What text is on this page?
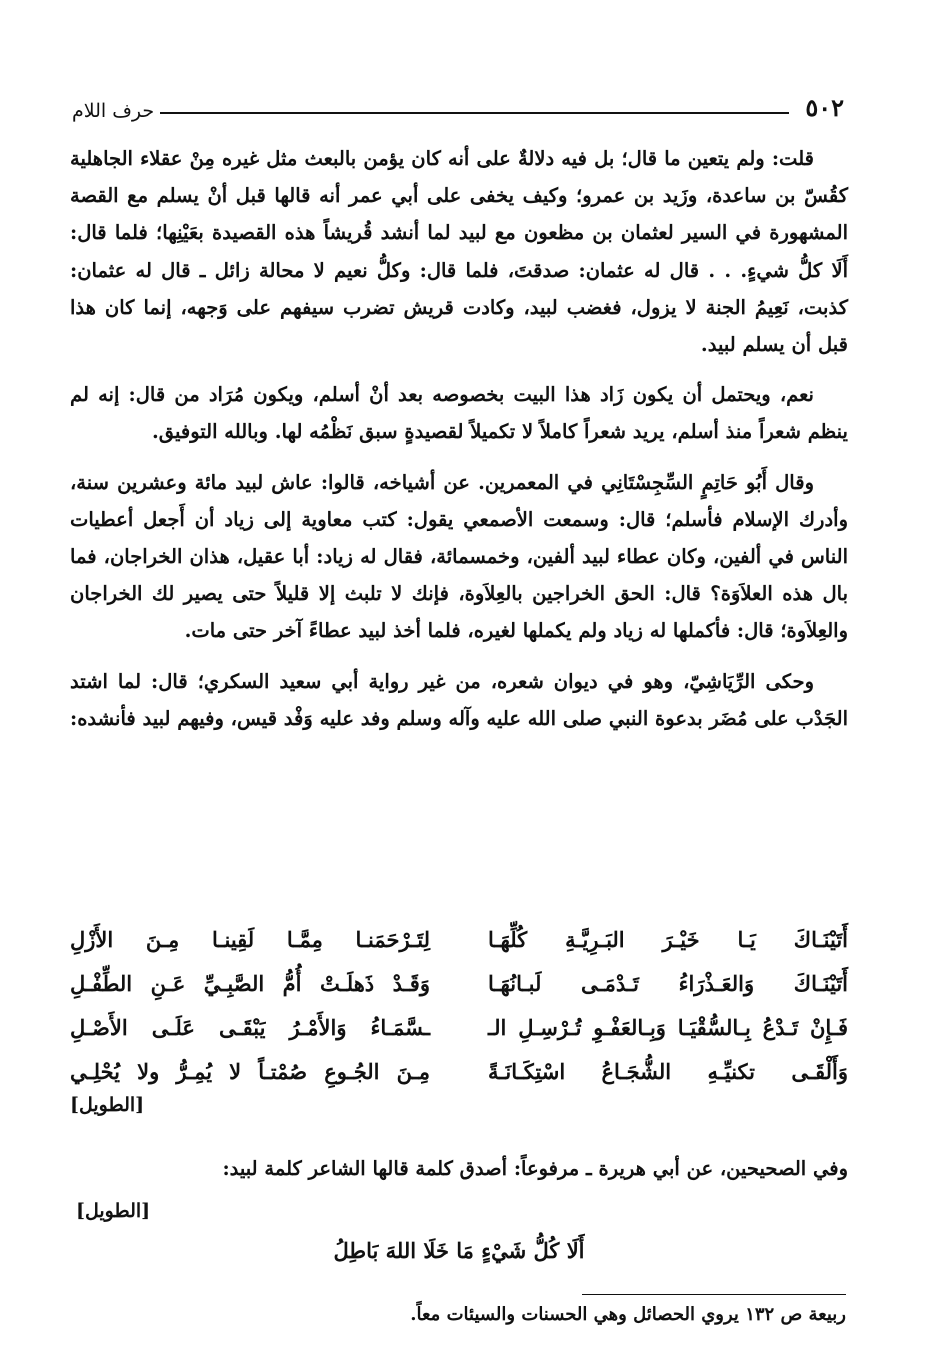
٥٠٢
حرف اللام

قلت: ولم يتعين ما قال؛ بل فيه دلالةٌ على أنه كان يؤمن بالبعث مثل غيره مِنْ عقلاء الجاهلية كقُسّ بن ساعدة، وزَيد بن عمرو؛ وكيف يخفى على أبي عمر أنه قالها قبل أنْ يسلم مع القصة المشهورة في السير لعثمان بن مظعون مع لبيد لما أنشد قُريشاً هذه القصيدة بعَيْنِها؛ فلما قال: أَلَا كلُّ شيءٍ. . . قال له عثمان: صدقتَ، فلما قال: وكلُّ نعيم لا محالة زائل ـ قال له عثمان: كذبت، نَعِيمُ الجنة لا يزول، فغضب لبيد، وكادت قريش تضرب سيفهم على وَجهه، إنما كان هذا قبل أن يسلم لبيد.

نعم، ويحتمل أن يكون زَاد هذا البيت بخصوصه بعد أنْ أسلم، ويكون مُرَاد من قال: إنه لم ينظم شعراً منذ أسلم، يريد شعراً كاملاً لا تكميلاً لقصيدةٍ سبق نَظْمُه لها. وبالله التوفيق.

وقال أَبُو حَاتِمٍ السِّجِسْتَانِي في المعمرين. عن أشياخه، قالوا: عاش لبيد مائة وعشرين سنة، وأدرك الإسلام فأسلم؛ قال: وسمعت الأصمعي يقول: كتب معاوية إلى زياد أن أَجعل أعطيات الناس في ألفين، وكان عطاء لبيد ألفين، وخمسمائة، فقال له زياد: أبا عقيل، هذان الخراجان، فما بال هذه العلاَوَة؟ قال: الحق الخراجين بالعِلاَوة، فإنك لا تلبث إلا قليلاً حتى يصير لك الخراجان والعِلاَوة؛ قال: فأكملها له زياد ولم يكملها لغيره، فلما أخذ لبيد عطاءً آخر حتى مات.

وحكى الرِّيَاشِيّ، وهو في ديوان شعره، من غير رواية أبي سعيد السكري؛ قال: لما اشتد الجَدْب على مُضَر بدعوة النبي صلى الله عليه وآله وسلم وفد عليه وَفْد قيس، وفيهم لبيد فأنشده:

أَتَيْنَـاكَ يَـا خَيْـرَ البَـرِيَّـةِ كُلِّهَـا
لِتَـرْحَمَنـا مِمَّـا لَقِينـا مِـنَ الأَزْلِ
أَتَيْنَـاكَ وَالعَـذْرَاءُ تَـدْمَـى لَبـانُهَـا
وَقَـدْ ذَهلَـتْ أُمُّ الصَّبِـيِّ عَـنِ الطِّفْـلِ
فَـإِنْ تَـدْعُ بِـالسُّقْيَـا وَبِـالعَفْـوِ تُـرْسِـلِ الـ
ـسَّمَـاءُ وَالأَمْـرُ يَبْقَـى عَلَـى الأَصْـلِ
وَأَلْقَـى تكنيِّـهِ الشُّجَـاعُ اسْتِكَـانَـةً
مِـنَ الجُـوعِ صُمْتـاً لا يُمِـرُّ ولا يُحْلِـي
[الطويل]
وفي الصحيحين، عن أبي هريرة ـ مرفوعاً: أصدق كلمة قالها الشاعر كلمة لبيد:
[الطويل]
أَلَا كُلُّ شَيْءٍ مَا خَلَا اللهَ بَاطِلُ
ربيعة ص ١٣٢ يروي الحصائل وهي الحسنات والسيئات معاً.
